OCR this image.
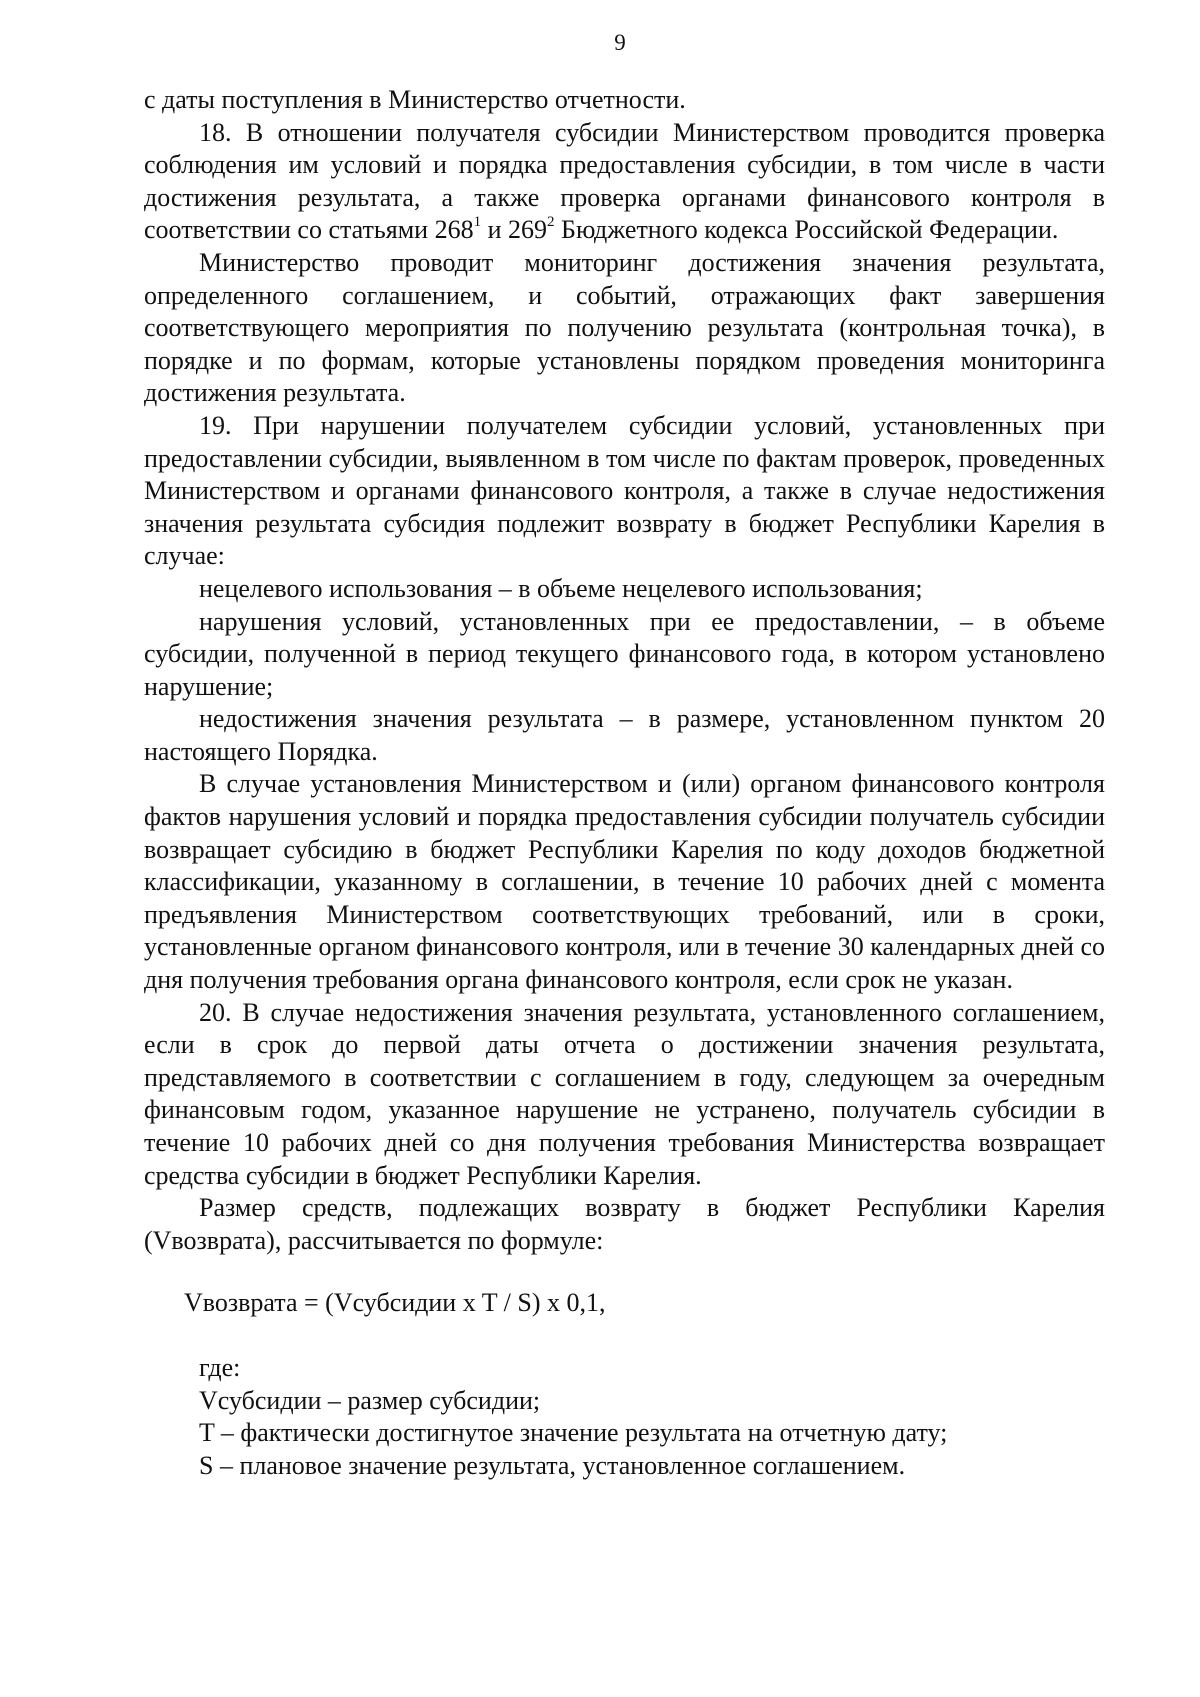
9

с даты поступления в Министерство отчетности.

18. В отношении получателя субсидии Министерством проводится проверка соблюдения им условий и порядка предоставления субсидии, в том числе в части достижения результата, а также проверка органами финансового контроля в соответствии со статьями $268^1$ и $269^2$ Бюджетного кодекса Российской Федерации.

Министерство проводит мониторинг достижения значения результата, определенного соглашением, и событий, отражающих факт завершения соответствующего мероприятия по получению результата (контрольная точка), в порядке и по формам, которые установлены порядком проведения мониторинга достижения результата.

19. При нарушении получателем субсидии условий, установленных при предоставлении субсидии, выявленном в том числе по фактам проверок, проведенных Министерством и органами финансового контроля, а также в случае недостижения значения результата субсидия подлежит возврату в бюджет Республики Карелия в случае:

нецелевого использования – в объеме нецелевого использования;

нарушения условий, установленных при ее предоставлении, – в объеме субсидии, полученной в период текущего финансового года, в котором установлено нарушение;

недостижения значения результата – в размере, установленном пунктом 20 настоящего Порядка.

В случае установления Министерством и (или) органом финансового контроля фактов нарушения условий и порядка предоставления субсидии получатель субсидии возвращает субсидию в бюджет Республики Карелия по коду доходов бюджетной классификации, указанному в соглашении, в течение 10 рабочих дней с момента предъявления Министерством соответствующих требований, или в сроки, установленные органом финансового контроля, или в течение 30 календарных дней со дня получения требования органа финансового контроля, если срок не указан.

20. В случае недостижения значения результата, установленного соглашением, если в срок до первой даты отчета о достижении значения результата, представляемого в соответствии с соглашением в году, следующем за очередным финансовым годом, указанное нарушение не устранено, получатель субсидии в течение 10 рабочих дней со дня получения требования Министерства возвращает средства субсидии в бюджет Республики Карелия.

Размер средств, подлежащих возврату в бюджет Республики Карелия (Vвозврата), рассчитывается по формуле:

Vвозврата = (Vсубсидии x T / S) x 0,1,

где:

Vсубсидии – размер субсидии;

T – фактически достигнутое значение результата на отчетную дату;

S – плановое значение результата, установленное соглашением.
